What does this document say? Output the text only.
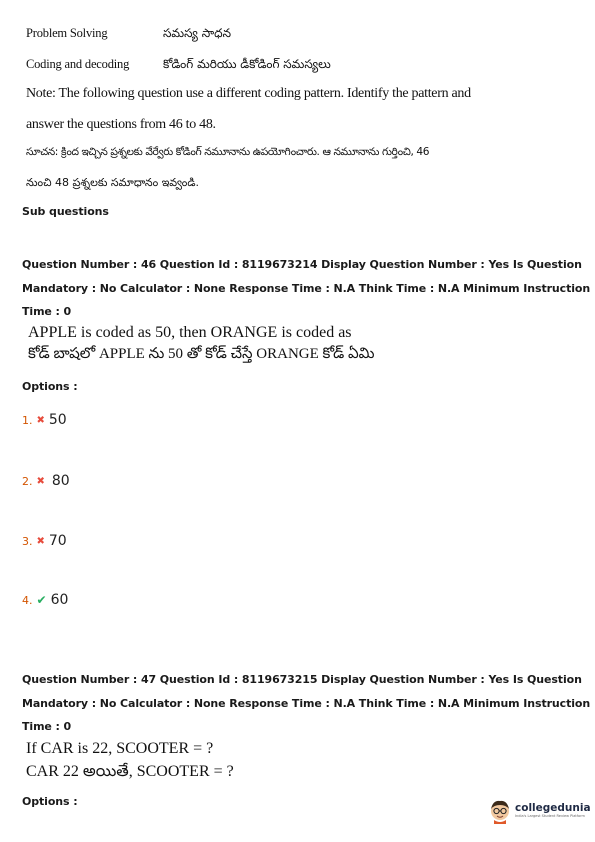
Problem Solving	సమస్య సాధన
Coding and decoding	కోడింగ్ మరియు డీకోడింగ్ సమస్యలు
Note: The following question use a different coding pattern. Identify the pattern and
answer the questions from 46 to 48.
సూచన: క్రింద ఇచ్చిన ప్రశ్నలకు వేర్వేరు కోడింగ్ నమూనాను ఉపయోగించారు. ఆ నమూనాను గుర్తించి, 46
నుంచి 48 ప్రశ్నలకు సమాధానం ఇవ్వండి.
Sub questions
Question Number : 46 Question Id : 8119673214 Display Question Number : Yes Is Question
Mandatory : No Calculator : None Response Time : N.A Think Time : N.A Minimum Instruction
Time : 0
APPLE is coded as 50, then ORANGE is coded as
కోడ్ బాషలో APPLE ను 50 తో కోడ్ చేస్తే ORANGE కోడ్ ఏమి
Options :
1. ✖ 50
2. ✖ 80
3. ✖ 70
4. ✔ 60
Question Number : 47 Question Id : 8119673215 Display Question Number : Yes Is Question
Mandatory : No Calculator : None Response Time : N.A Think Time : N.A Minimum Instruction
Time : 0
If CAR is 22, SCOOTER = ?
CAR 22 అయితే, SCOOTER = ?
Options :
collegedunia
India's Largest Student Review Platform
